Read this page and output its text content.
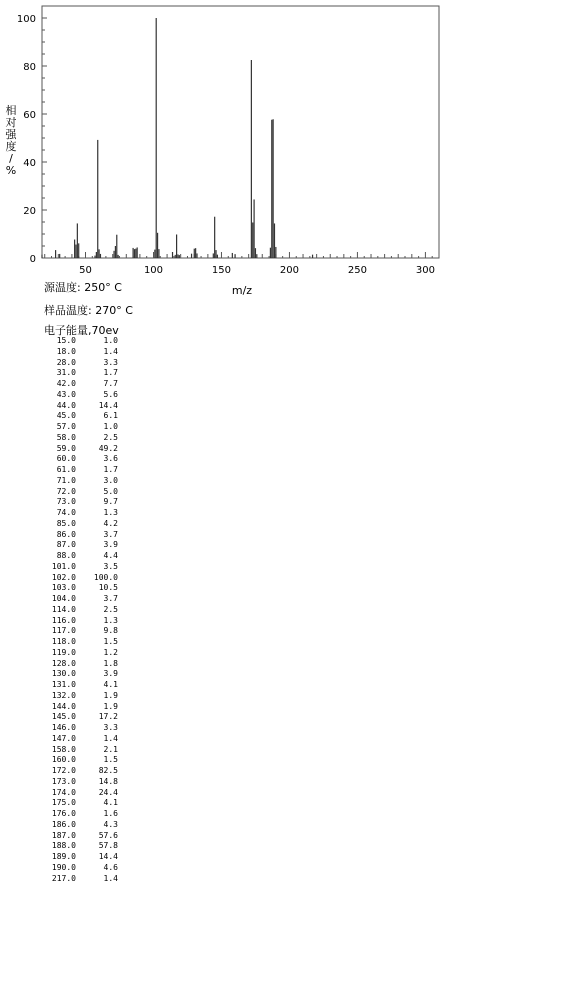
50	100	150	200	250	300
0
20
40
60
80
100
m/z
相对强度/ %
源温度: 250° C
样品温度: 270° C
电子能量,70ev
15.0	1.0
18.0	1.4
28.0	3.3
31.0	1.7
42.0	7.7
43.0	5.6
44.0	14.4
45.0	6.1
57.0	1.0
58.0	2.5
59.0	49.2
60.0	3.6
61.0	1.7
71.0	3.0
72.0	5.0
73.0	9.7
74.0	1.3
85.0	4.2
86.0	3.7
87.0	3.9
88.0	4.4
101.0	3.5
102.0	100.0
103.0	10.5
104.0	3.7
114.0	2.5
116.0	1.3
117.0	9.8
118.0	1.5
119.0	1.2
128.0	1.8
130.0	3.9
131.0	4.1
132.0	1.9
144.0	1.9
145.0	17.2
146.0	3.3
147.0	1.4
158.0	2.1
160.0	1.5
172.0	82.5
173.0	14.8
174.0	24.4
175.0	4.1
176.0	1.6
186.0	4.3
187.0	57.6
188.0	57.8
189.0	14.4
190.0	4.6
217.0	1.4
